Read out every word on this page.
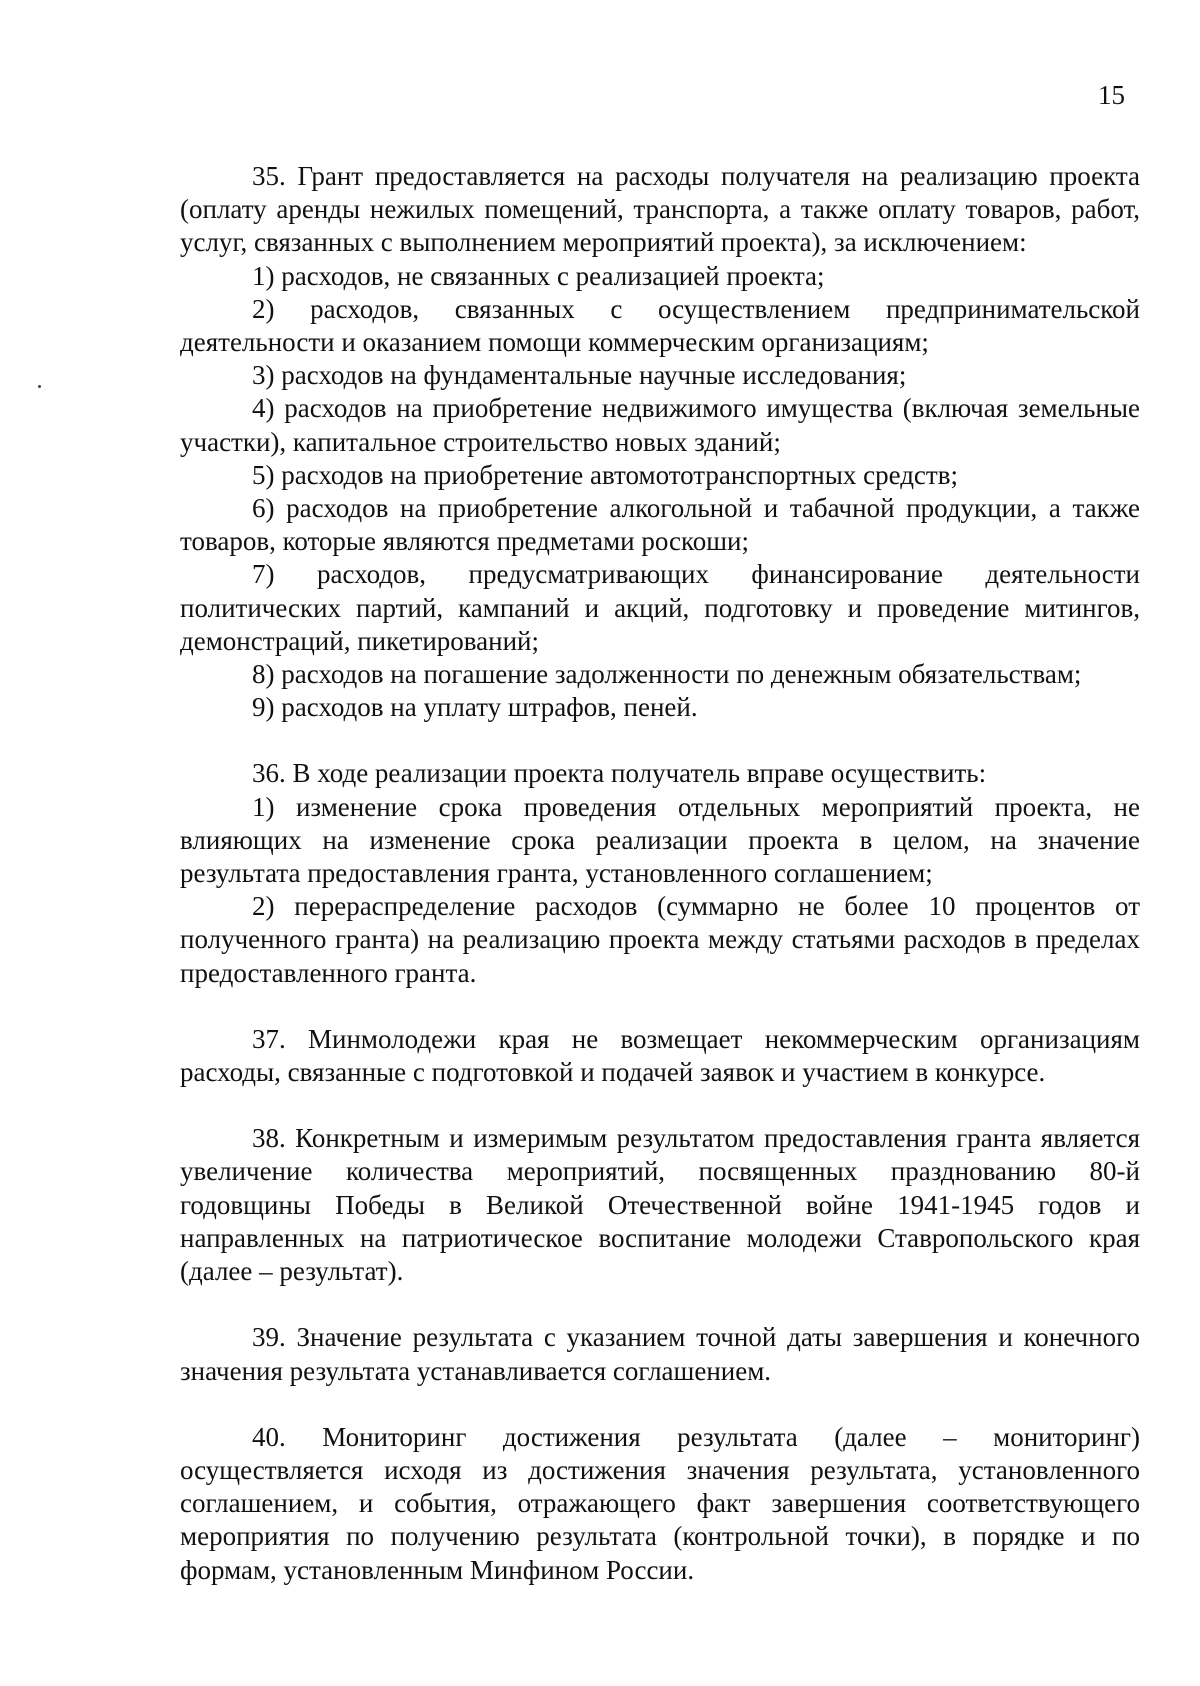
15

35. Грант предоставляется на расходы получателя на реализацию проекта (оплату аренды нежилых помещений, транспорта, а также оплату товаров, работ, услуг, связанных с выполнением мероприятий проекта), за исключением:

1) расходов, не связанных с реализацией проекта;

2) расходов, связанных с осуществлением предпринимательской деятельности и оказанием помощи коммерческим организациям;

3) расходов на фундаментальные научные исследования;

4) расходов на приобретение недвижимого имущества (включая земельные участки), капитальное строительство новых зданий;

5) расходов на приобретение автомототранспортных средств;

6) расходов на приобретение алкогольной и табачной продукции, а также товаров, которые являются предметами роскоши;

7) расходов, предусматривающих финансирование деятельности политических партий, кампаний и акций, подготовку и проведение митингов, демонстраций, пикетирований;

8) расходов на погашение задолженности по денежным обязательствам;

9) расходов на уплату штрафов, пеней.

36. В ходе реализации проекта получатель вправе осуществить:

1) изменение срока проведения отдельных мероприятий проекта, не влияющих на изменение срока реализации проекта в целом, на значение результата предоставления гранта, установленного соглашением;

2) перераспределение расходов (суммарно не более 10 процентов от полученного гранта) на реализацию проекта между статьями расходов в пределах предоставленного гранта.

37. Минмолодежи края не возмещает некоммерческим организациям расходы, связанные с подготовкой и подачей заявок и участием в конкурсе.

38. Конкретным и измеримым результатом предоставления гранта является увеличение количества мероприятий, посвященных празднованию 80-й годовщины Победы в Великой Отечественной войне 1941-1945 годов и направленных на патриотическое воспитание молодежи Ставропольского края (далее – результат).

39. Значение результата с указанием точной даты завершения и конечного значения результата устанавливается соглашением.

40. Мониторинг достижения результата (далее – мониторинг) осуществляется исходя из достижения значения результата, установленного соглашением, и события, отражающего факт завершения соответствующего мероприятия по получению результата (контрольной точки), в порядке и по формам, установленным Минфином России.
